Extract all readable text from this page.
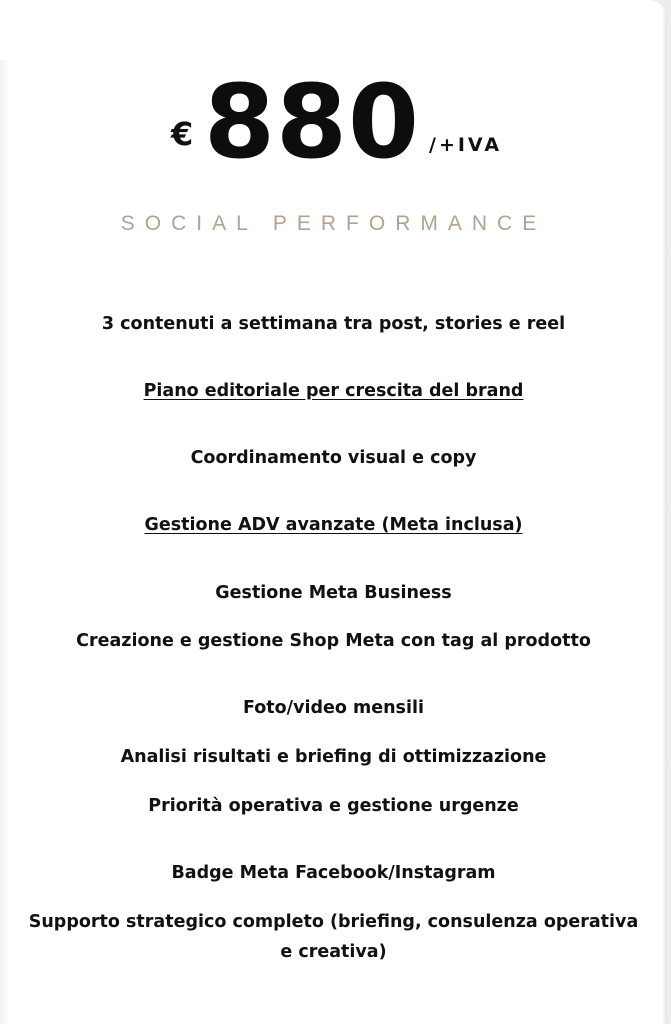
€ 880 /+IVA
SOCIAL PERFORMANCE
3 contenuti a settimana tra post, stories e reel
Piano editoriale per crescita del brand
Coordinamento visual e copy
Gestione ADV avanzate (Meta inclusa)
Gestione Meta Business
Creazione e gestione Shop Meta con tag al prodotto
Foto/video mensili
Analisi risultati e briefing di ottimizzazione
Priorità operativa e gestione urgenze
Badge Meta Facebook/Instagram
Supporto strategico completo (briefing, consulenza operativa e creativa)
